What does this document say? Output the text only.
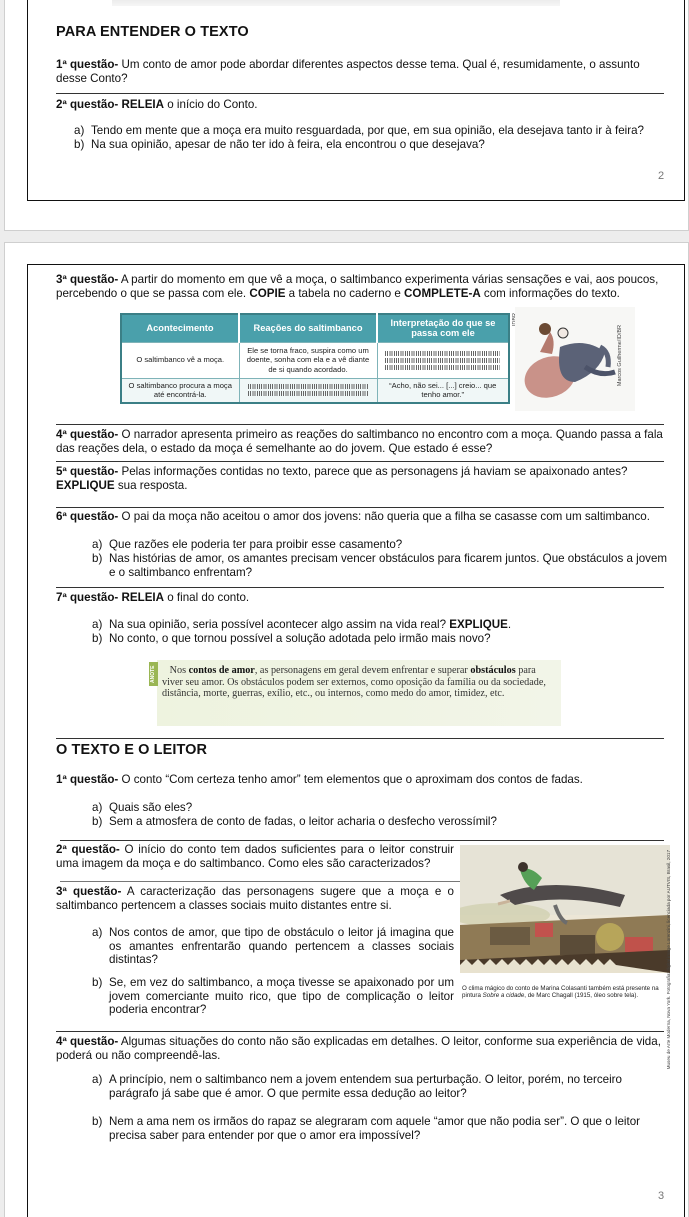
PARA ENTENDER O TEXTO
1ª questão- Um conto de amor pode abordar diferentes aspectos desse tema. Qual é, resumidamente, o assunto desse Conto?
2ª questão- RELEIA o início do Conto.
a) Tendo em mente que a moça era muito resguardada, por que, em sua opinião, ela desejava tanto ir à feira?
b) Na sua opinião, apesar de não ter ido à feira, ela encontrou o que desejava?
2
3ª questão- A partir do momento em que vê a moça, o saltimbanco experimenta várias sensações e vai, aos poucos, percebendo o que se passa com ele. COPIE a tabela no caderno e COMPLETE-A com informações do texto.
Acontecimento	Reações do saltimbanco	Interpretação do que se passa com ele
O saltimbanco vê a moça.	Ele se torna fraco, suspira como um doente, sonha com ela e a vê diante de si quando acordado.	

O saltimbanco procura a moça até encontrá-la.		“Acho, não sei... [...] creio... que tenho amor.”
Marcos Guilherme/ID/BR
4ª questão- O narrador apresenta primeiro as reações do saltimbanco no encontro com a moça. Quando passa a fala das reações dela, o estado da moça é semelhante ao do jovem. Que estado é esse?
5ª questão- Pelas informações contidas no texto, parece que as personagens já haviam se apaixonado antes? EXPLIQUE sua resposta.
6ª questão- O pai da moça não aceitou o amor dos jovens: não queria que a filha se casasse com um saltimbanco.
a) Que razões ele poderia ter para proibir esse casamento?
b) Nas histórias de amor, os amantes precisam vencer obstáculos para ficarem juntos. Que obstáculos a jovem e o saltimbanco enfrentam?
7ª questão- RELEIA o final do conto.
a) Na sua opinião, seria possível acontecer algo assim na vida real? EXPLIQUE.
b) No conto, o que tornou possível a solução adotada pelo irmão mais novo?
ANOTE	Nos contos de amor, as personagens em geral devem enfrentar e superar obstáculos para viver seu amor. Os obstáculos podem ser externos, como oposição da família ou da sociedade, distância, morte, guerras, exílio, etc., ou internos, como medo do amor, timidez, etc.
O TEXTO E O LEITOR
1ª questão- O conto “Com certeza tenho amor” tem elementos que o aproximam dos contos de fadas.
a) Quais são eles?
b) Sem a atmosfera de conto de fadas, o leitor acharia o desfecho verossímil?
2ª questão- O início do conto tem dados suficientes para o leitor construir uma imagem da moça e do saltimbanco. Como eles são caracterizados?
3ª questão- A caracterização das personagens sugere que a moça e o saltimbanco pertencem a classes sociais muito distantes entre si.
a) Nos contos de amor, que tipo de obstáculo o leitor já imagina que os amantes enfrentarão quando pertencem a classes sociais distintas?
b) Se, em vez do saltimbanco, a moça tivesse se apaixonado por um jovem comerciante muito rico, que tipo de complicação o leitor poderia encontrar?	Museu de Arte Moderna, Nova York. Fotografia: digital image Lorenzini, licenciada por AUTVIS, Brasil, 2017
O clima mágico do conto de Marina Colasanti também está presente na pintura Sobre a cidade, de Marc Chagall (1915, óleo sobre tela).
4ª questão- Algumas situações do conto não são explicadas em detalhes. O leitor, conforme sua experiência de vida, poderá ou não compreendê-las.
a) A princípio, nem o saltimbanco nem a jovem entendem sua perturbação. O leitor, porém, no terceiro parágrafo já sabe que é amor. O que permite essa dedução ao leitor?
b) Nem a ama nem os irmãos do rapaz se alegraram com aquele “amor que não podia ser”. O que o leitor precisa saber para entender por que o amor era impossível?
3
